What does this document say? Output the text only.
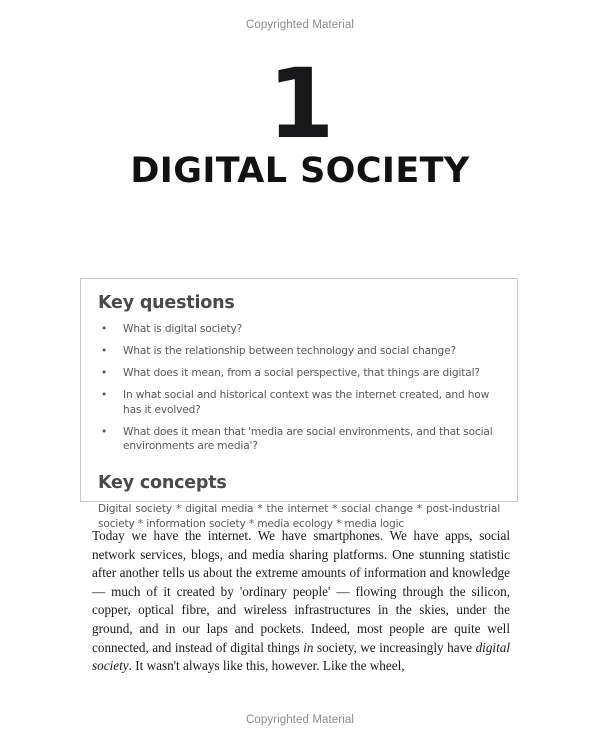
Copyrighted Material
1
DIGITAL SOCIETY
Key questions
• What is digital society?
• What is the relationship between technology and social change?
• What does it mean, from a social perspective, that things are digital?
• In what social and historical context was the internet created, and how has it evolved?
• What does it mean that 'media are social environments, and that social environments are media'?
Key concepts

Digital society * digital media * the internet * social change * post-industrial society * information society * media ecology * media logic

Today we have the internet. We have smartphones. We have apps, social network services, blogs, and media sharing platforms. One stunning statistic after another tells us about the extreme amounts of information and knowledge — much of it created by 'ordinary people' — flowing through the silicon, copper, optical fibre, and wireless infrastructures in the skies, under the ground, and in our laps and pockets. Indeed, most people are quite well connected, and instead of digital things in society, we increasingly have digital society. It wasn't always like this, however. Like the wheel,

Copyrighted Material
